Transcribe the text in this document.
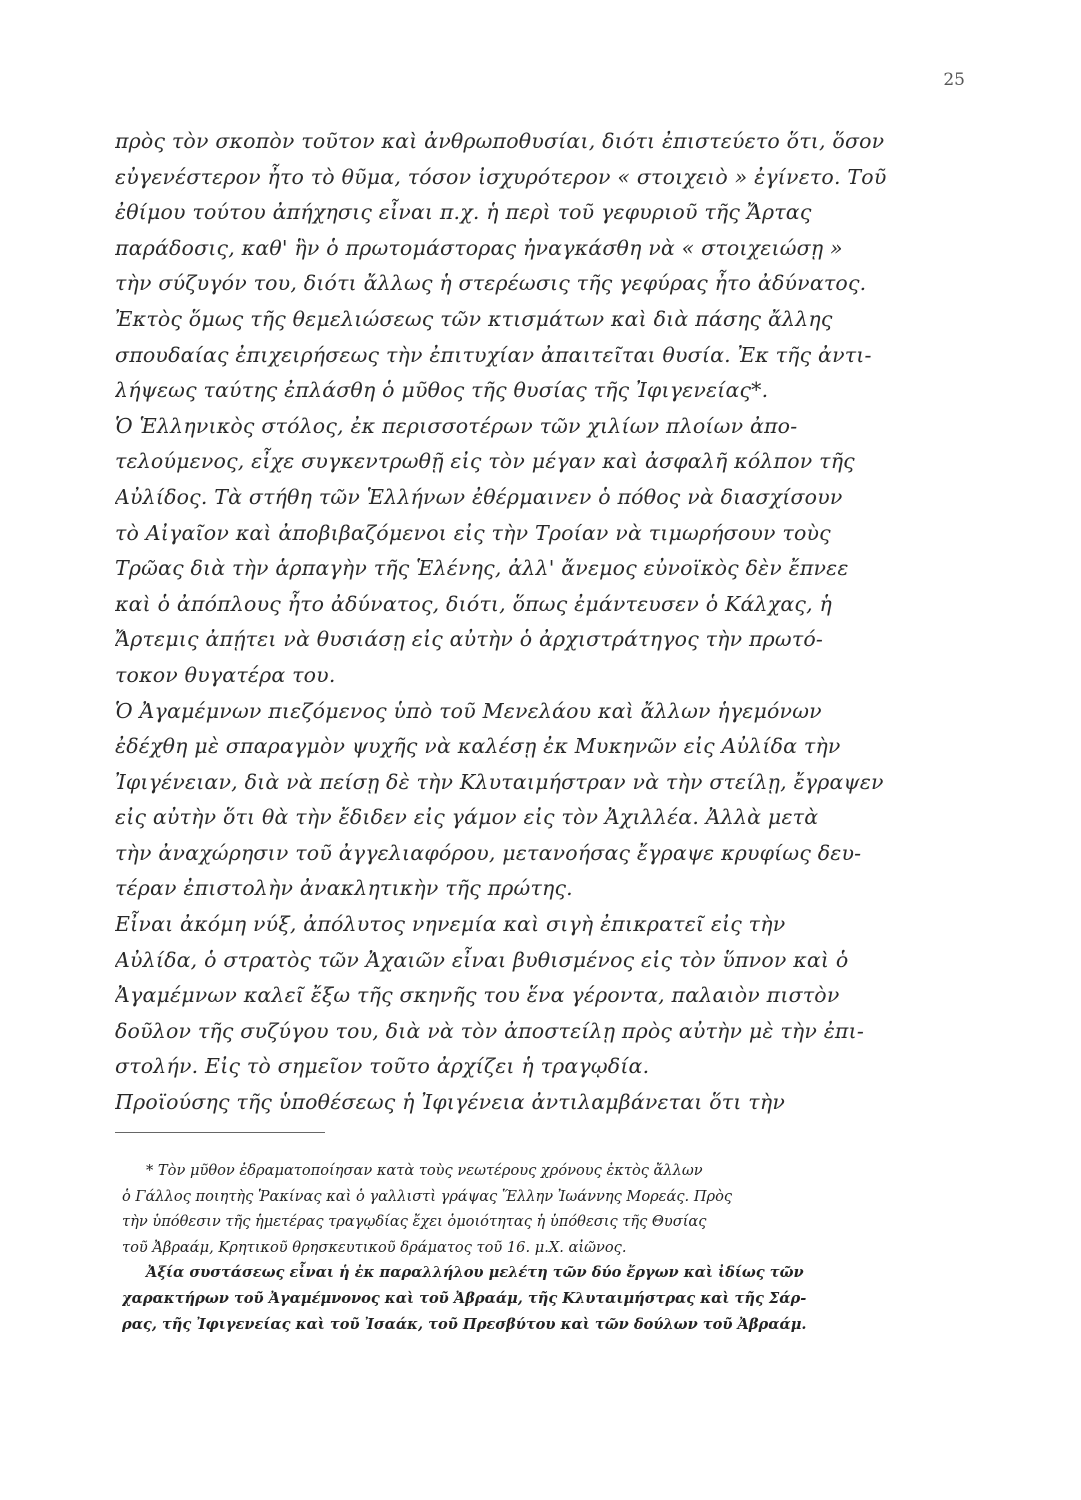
25
πρὸς τὸν σκοπὸν τοῦτον καὶ ἀνθρωποθυσίαι, διότι ἐπιστεύετο ὅτι, ὅσον
εὐγενέστερον ἦτο τὸ θῦμα, τόσον ἰσχυρότερον « στοιχειὸ » ἐγίνετο. Τοῦ
ἐθίμου τούτου ἀπήχησις εἶναι π.χ. ἡ περὶ τοῦ γεφυριοῦ τῆς Ἄρτας
παράδοσις, καθ' ἣν ὁ πρωτομάστορας ἠναγκάσθη νὰ « στοιχειώσῃ »
τὴν σύζυγόν του, διότι ἄλλως ἡ στερέωσις τῆς γεφύρας ἦτο ἀδύνατος.
Ἐκτὸς ὅμως τῆς θεμελιώσεως τῶν κτισμάτων καὶ διὰ πάσης ἄλλης
σπουδαίας ἐπιχειρήσεως τὴν ἐπιτυχίαν ἀπαιτεῖται θυσία. Ἐκ τῆς ἀντι-
λήψεως ταύτης ἐπλάσθη ὁ μῦθος τῆς θυσίας τῆς Ἰφιγενείας*.
Ὁ Ἑλληνικὸς στόλος, ἐκ περισσοτέρων τῶν χιλίων πλοίων ἀπο-
τελούμενος, εἶχε συγκεντρωθῇ εἰς τὸν μέγαν καὶ ἀσφαλῆ κόλπον τῆς
Αὐλίδος. Τὰ στήθη τῶν Ἑλλήνων ἐθέρμαινεν ὁ πόθος νὰ διασχίσουν
τὸ Αἰγαῖον καὶ ἀποβιβαζόμενοι εἰς τὴν Τροίαν νὰ τιμωρήσουν τοὺς
Τρῶας διὰ τὴν ἁρπαγὴν τῆς Ἑλένης, ἀλλ' ἄνεμος εὐνοϊκὸς δὲν ἔπνεε
καὶ ὁ ἀπόπλους ἦτο ἀδύνατος, διότι, ὅπως ἐμάντευσεν ὁ Κάλχας, ἡ
Ἄρτεμις ἀπῄτει νὰ θυσιάσῃ εἰς αὐτὴν ὁ ἀρχιστράτηγος τὴν πρωτό-
τοκον θυγατέρα του.
Ὁ Ἀγαμέμνων πιεζόμενος ὑπὸ τοῦ Μενελάου καὶ ἄλλων ἡγεμόνων
ἐδέχθη μὲ σπαραγμὸν ψυχῆς νὰ καλέσῃ ἐκ Μυκηνῶν εἰς Αὐλίδα τὴν
Ἰφιγένειαν, διὰ νὰ πείσῃ δὲ τὴν Κλυταιμήστραν νὰ τὴν στείλῃ, ἔγραψεν
εἰς αὐτὴν ὅτι θὰ τὴν ἔδιδεν εἰς γάμον εἰς τὸν Ἀχιλλέα. Ἀλλὰ μετὰ
τὴν ἀναχώρησιν τοῦ ἀγγελιαφόρου, μετανοήσας ἔγραψε κρυφίως δευ-
τέραν ἐπιστολὴν ἀνακλητικὴν τῆς πρώτης.
Εἶναι ἀκόμη νύξ, ἀπόλυτος νηνεμία καὶ σιγὴ ἐπικρατεῖ εἰς τὴν
Αὐλίδα, ὁ στρατὸς τῶν Ἀχαιῶν εἶναι βυθισμένος εἰς τὸν ὕπνον καὶ ὁ
Ἀγαμέμνων καλεῖ ἔξω τῆς σκηνῆς του ἕνα γέροντα, παλαιὸν πιστὸν
δοῦλον τῆς συζύγου του, διὰ νὰ τὸν ἀποστείλῃ πρὸς αὐτὴν μὲ τὴν ἐπι-
στολήν. Εἰς τὸ σημεῖον τοῦτο ἀρχίζει ἡ τραγῳδία.
Προϊούσης τῆς ὑποθέσεως ἡ Ἰφιγένεια ἀντιλαμβάνεται ὅτι τὴν
* Τὸν μῦθον ἐδραματοποίησαν κατὰ τοὺς νεωτέρους χρόνους ἐκτὸς ἄλλων
ὁ Γάλλος ποιητὴς Ῥακίνας καὶ ὁ γαλλιστὶ γράψας Ἕλλην Ἰωάννης Μορεάς. Πρὸς
τὴν ὑπόθεσιν τῆς ἡμετέρας τραγῳδίας ἔχει ὁμοιότητας ἡ ὑπόθεσις τῆς Θυσίας
τοῦ Ἀβραάμ, Κρητικοῦ θρησκευτικοῦ δράματος τοῦ 16. μ.Χ. αἰῶνος.
Ἀξία συστάσεως εἶναι ἡ ἐκ παραλλήλου μελέτη τῶν δύο ἔργων καὶ ἰδίως τῶν
χαρακτήρων τοῦ Ἀγαμέμνονος καὶ τοῦ Ἀβραάμ, τῆς Κλυταιμήστρας καὶ τῆς Σάρ-
ρας, τῆς Ἰφιγενείας καὶ τοῦ Ἰσαάκ, τοῦ Πρεσβύτου καὶ τῶν δούλων τοῦ Ἀβραάμ.
